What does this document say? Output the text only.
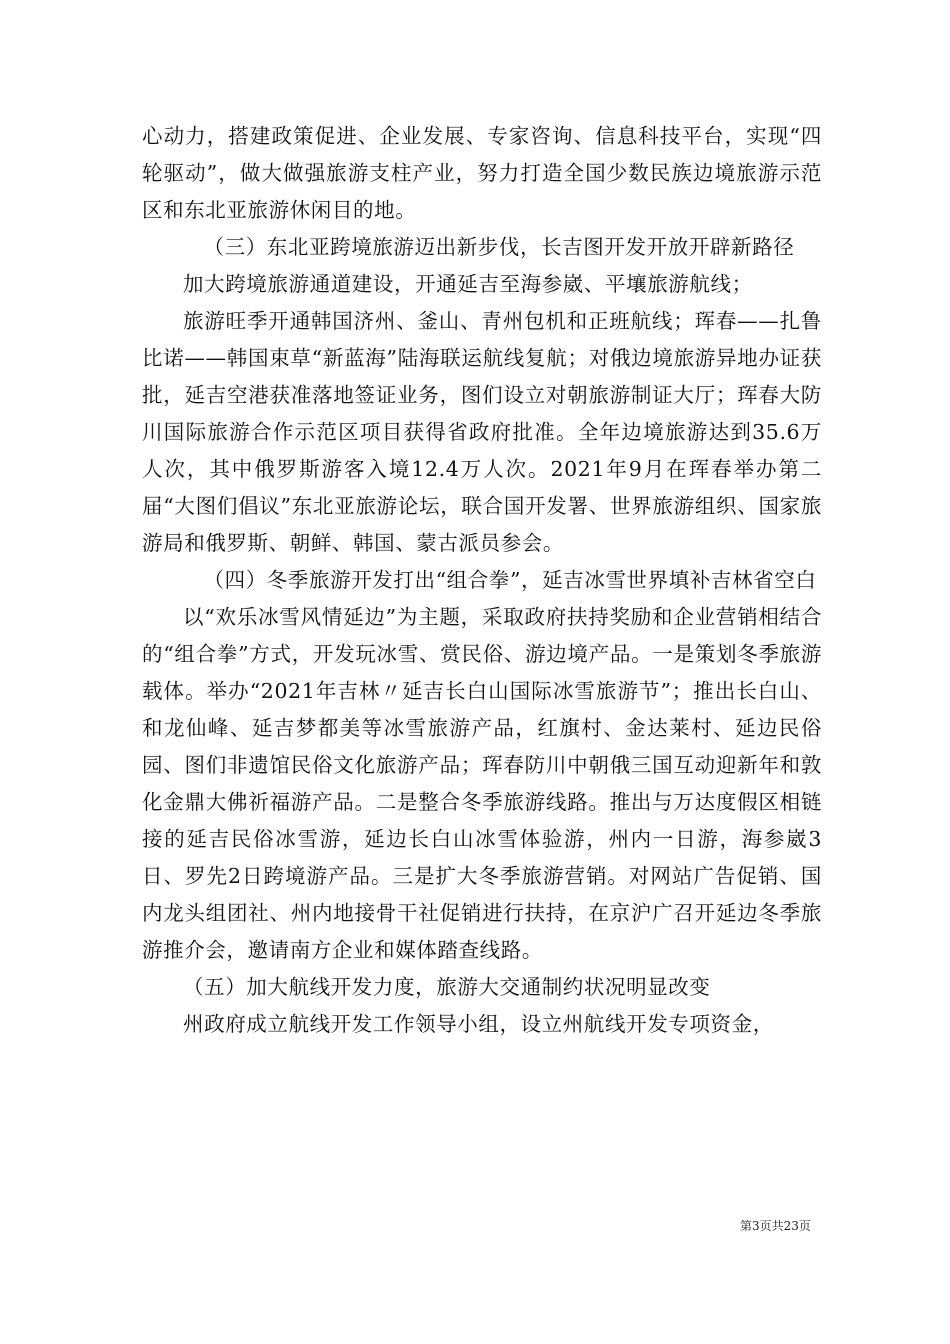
心动力，搭建政策促进、企业发展、专家咨询、信息科技平台，实现“四轮驱动”，做大做强旅游支柱产业，努力打造全国少数民族边境旅游示范区和东北亚旅游休闲目的地。

（三）东北亚跨境旅游迈出新步伐，长吉图开发开放开辟新路径

加大跨境旅游通道建设，开通延吉至海参崴、平壤旅游航线；

旅游旺季开通韩国济州、釜山、青州包机和正班航线；珲春——扎鲁比诺——韩国束草“新蓝海”陆海联运航线复航；对俄边境旅游异地办证获批，延吉空港获准落地签证业务，图们设立对朝旅游制证大厅；珲春大防川国际旅游合作示范区项目获得省政府批准。全年边境旅游达到35.6万人次，其中俄罗斯游客入境12.4万人次。2021年9月在珲春举办第二届“大图们倡议”东北亚旅游论坛，联合国开发署、世界旅游组织、国家旅游局和俄罗斯、朝鲜、韩国、蒙古派员参会。

（四）冬季旅游开发打出“组合拳”，延吉冰雪世界填补吉林省空白

以“欢乐冰雪风情延边”为主题，采取政府扶持奖励和企业营销相结合的“组合拳”方式，开发玩冰雪、赏民俗、游边境产品。一是策划冬季旅游载体。举办“2021年吉林〃延吉长白山国际冰雪旅游节”；推出长白山、和龙仙峰、延吉梦都美等冰雪旅游产品，红旗村、金达莱村、延边民俗园、图们非遗馆民俗文化旅游产品；珲春防川中朝俄三国互动迎新年和敦化金鼎大佛祈福游产品。二是整合冬季旅游线路。推出与万达度假区相链接的延吉民俗冰雪游，延边长白山冰雪体验游，州内一日游，海参崴3日、罗先2日跨境游产品。三是扩大冬季旅游营销。对网站广告促销、国内龙头组团社、州内地接骨干社促销进行扶持，在京沪广召开延边冬季旅游推介会，邀请南方企业和媒体踏查线路。

（五）加大航线开发力度，旅游大交通制约状况明显改变

州政府成立航线开发工作领导小组，设立州航线开发专项资金，

第3页共23页
